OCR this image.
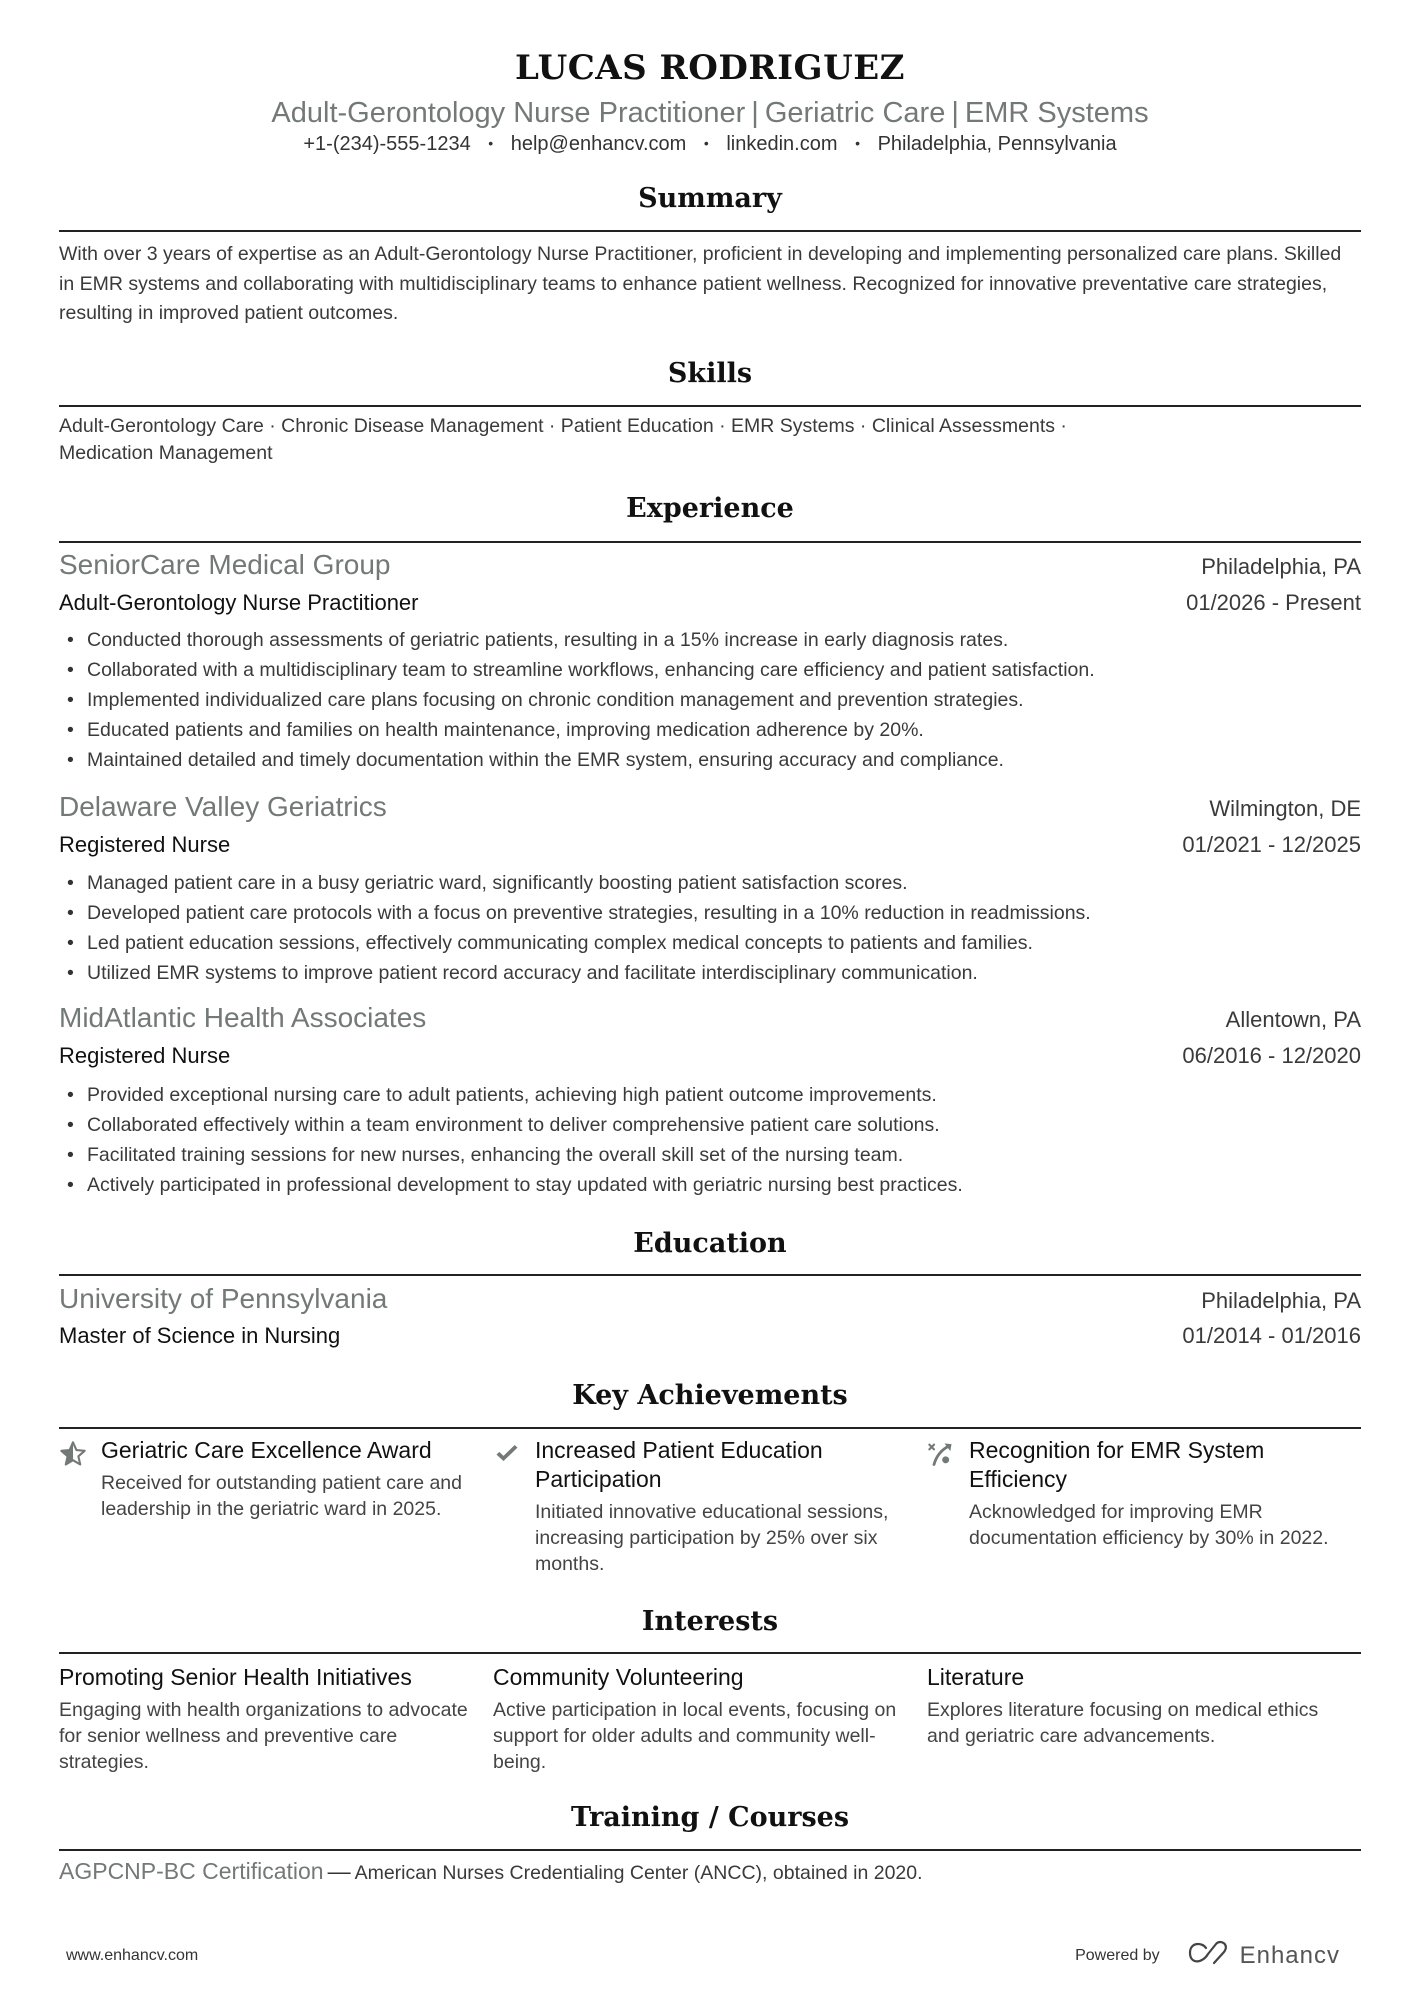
LUCAS RODRIGUEZ
Adult-Gerontology Nurse Practitioner | Geriatric Care | EMR Systems
+1-(234)-555-1234 • help@enhancv.com • linkedin.com • Philadelphia, Pennsylvania
Summary
With over 3 years of expertise as an Adult-Gerontology Nurse Practitioner, proficient in developing and implementing personalized care plans. Skilled in EMR systems and collaborating with multidisciplinary teams to enhance patient wellness. Recognized for innovative preventative care strategies, resulting in improved patient outcomes.
Skills
Adult-Gerontology Care · Chronic Disease Management · Patient Education · EMR Systems · Clinical Assessments ·
Medication Management
Experience
SeniorCare Medical Group	Philadelphia, PA
Adult-Gerontology Nurse Practitioner	01/2026 - Present
• Conducted thorough assessments of geriatric patients, resulting in a 15% increase in early diagnosis rates.
• Collaborated with a multidisciplinary team to streamline workflows, enhancing care efficiency and patient satisfaction.
• Implemented individualized care plans focusing on chronic condition management and prevention strategies.
• Educated patients and families on health maintenance, improving medication adherence by 20%.
• Maintained detailed and timely documentation within the EMR system, ensuring accuracy and compliance.
Delaware Valley Geriatrics	Wilmington, DE
Registered Nurse	01/2021 - 12/2025
• Managed patient care in a busy geriatric ward, significantly boosting patient satisfaction scores.
• Developed patient care protocols with a focus on preventive strategies, resulting in a 10% reduction in readmissions.
• Led patient education sessions, effectively communicating complex medical concepts to patients and families.
• Utilized EMR systems to improve patient record accuracy and facilitate interdisciplinary communication.
MidAtlantic Health Associates	Allentown, PA
Registered Nurse	06/2016 - 12/2020
• Provided exceptional nursing care to adult patients, achieving high patient outcome improvements.
• Collaborated effectively within a team environment to deliver comprehensive patient care solutions.
• Facilitated training sessions for new nurses, enhancing the overall skill set of the nursing team.
• Actively participated in professional development to stay updated with geriatric nursing best practices.
Education
University of Pennsylvania	Philadelphia, PA
Master of Science in Nursing	01/2014 - 01/2016
Key Achievements
Geriatric Care Excellence Award
Received for outstanding patient care and leadership in the geriatric ward in 2025.
Increased Patient Education Participation
Initiated innovative educational sessions, increasing participation by 25% over six months.
Recognition for EMR System Efficiency
Acknowledged for improving EMR documentation efficiency by 30% in 2022.
Interests
Promoting Senior Health Initiatives
Engaging with health organizations to advocate for senior wellness and preventive care strategies.
Community Volunteering
Active participation in local events, focusing on support for older adults and community well-being.
Literature
Explores literature focusing on medical ethics and geriatric care advancements.
Training / Courses
AGPCNP-BC Certification — American Nurses Credentialing Center (ANCC), obtained in 2020.
www.enhancv.com	Powered by	Enhancv
